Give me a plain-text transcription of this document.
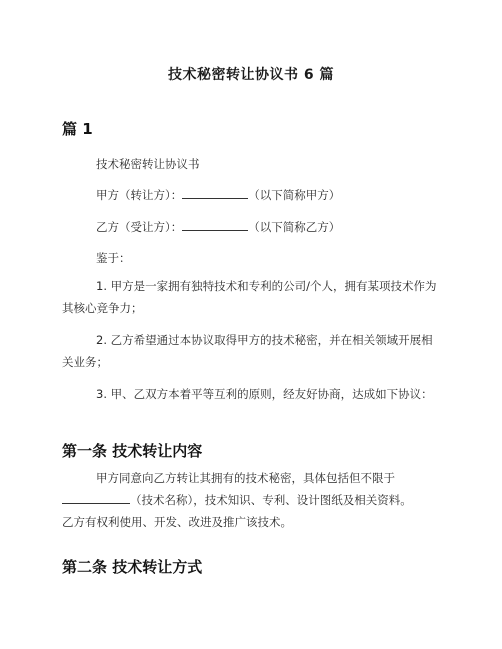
技术秘密转让协议书 6 篇
篇 1
技术秘密转让协议书
甲方（转让方）：	（以下简称甲方）
乙方（受让方）：	（以下简称乙方）
鉴于：
1. 甲方是一家拥有独特技术和专利的公司/个人，拥有某项技术作为其核心竞争力；
2. 乙方希望通过本协议取得甲方的技术秘密，并在相关领域开展相关业务；
3. 甲、乙双方本着平等互利的原则，经友好协商，达成如下协议：
第一条 技术转让内容
甲方同意向乙方转让其拥有的技术秘密，具体包括但不限于
（技术名称），技术知识、专利、设计图纸及相关资料。
乙方有权利使用、开发、改进及推广该技术。
第二条 技术转让方式
